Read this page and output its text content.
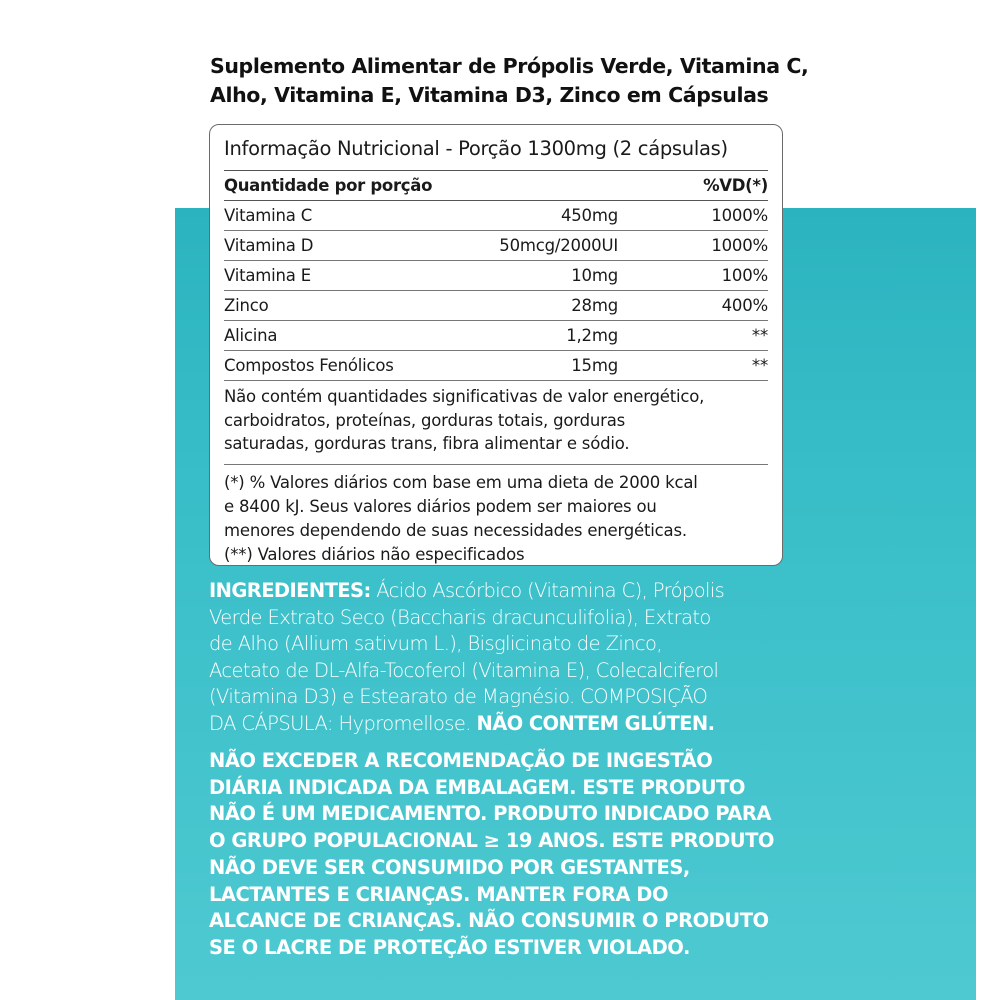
Suplemento Alimentar de Própolis Verde, Vitamina C,
Alho, Vitamina E, Vitamina D3, Zinco em Cápsulas
Informação Nutricional - Porção 1300mg (2 cápsulas)
Quantidade por porção	%VD(*)
Vitamina C	450mg	1000%
Vitamina D	50mcg/2000UI	1000%
Vitamina E	10mg	100%
Zinco	28mg	400%
Alicina	1,2mg	**
Compostos Fenólicos	15mg	**
Não contém quantidades significativas de valor energético,
carboidratos, proteínas, gorduras totais, gorduras
saturadas, gorduras trans, fibra alimentar e sódio.
(*) % Valores diários com base em uma dieta de 2000 kcal
e 8400 kJ. Seus valores diários podem ser maiores ou
menores dependendo de suas necessidades energéticas.
(**) Valores diários não especificados

INGREDIENTES: Ácido Ascórbico (Vitamina C), Própolis
Verde Extrato Seco (Baccharis dracunculifolia), Extrato
de Alho (Allium sativum L.), Bisglicinato de Zinco,
Acetato de DL-Alfa-Tocoferol (Vitamina E), Colecalciferol
(Vitamina D3) e Estearato de Magnésio. COMPOSIÇÃO
DA CÁPSULA: Hypromellose. NÃO CONTEM GLÚTEN.

NÃO EXCEDER A RECOMENDAÇÃO DE INGESTÃO
DIÁRIA INDICADA DA EMBALAGEM. ESTE PRODUTO
NÃO É UM MEDICAMENTO. PRODUTO INDICADO PARA
O GRUPO POPULACIONAL ≥ 19 ANOS. ESTE PRODUTO
NÃO DEVE SER CONSUMIDO POR GESTANTES,
LACTANTES E CRIANÇAS. MANTER FORA DO
ALCANCE DE CRIANÇAS. NÃO CONSUMIR O PRODUTO
SE O LACRE DE PROTEÇÃO ESTIVER VIOLADO.
